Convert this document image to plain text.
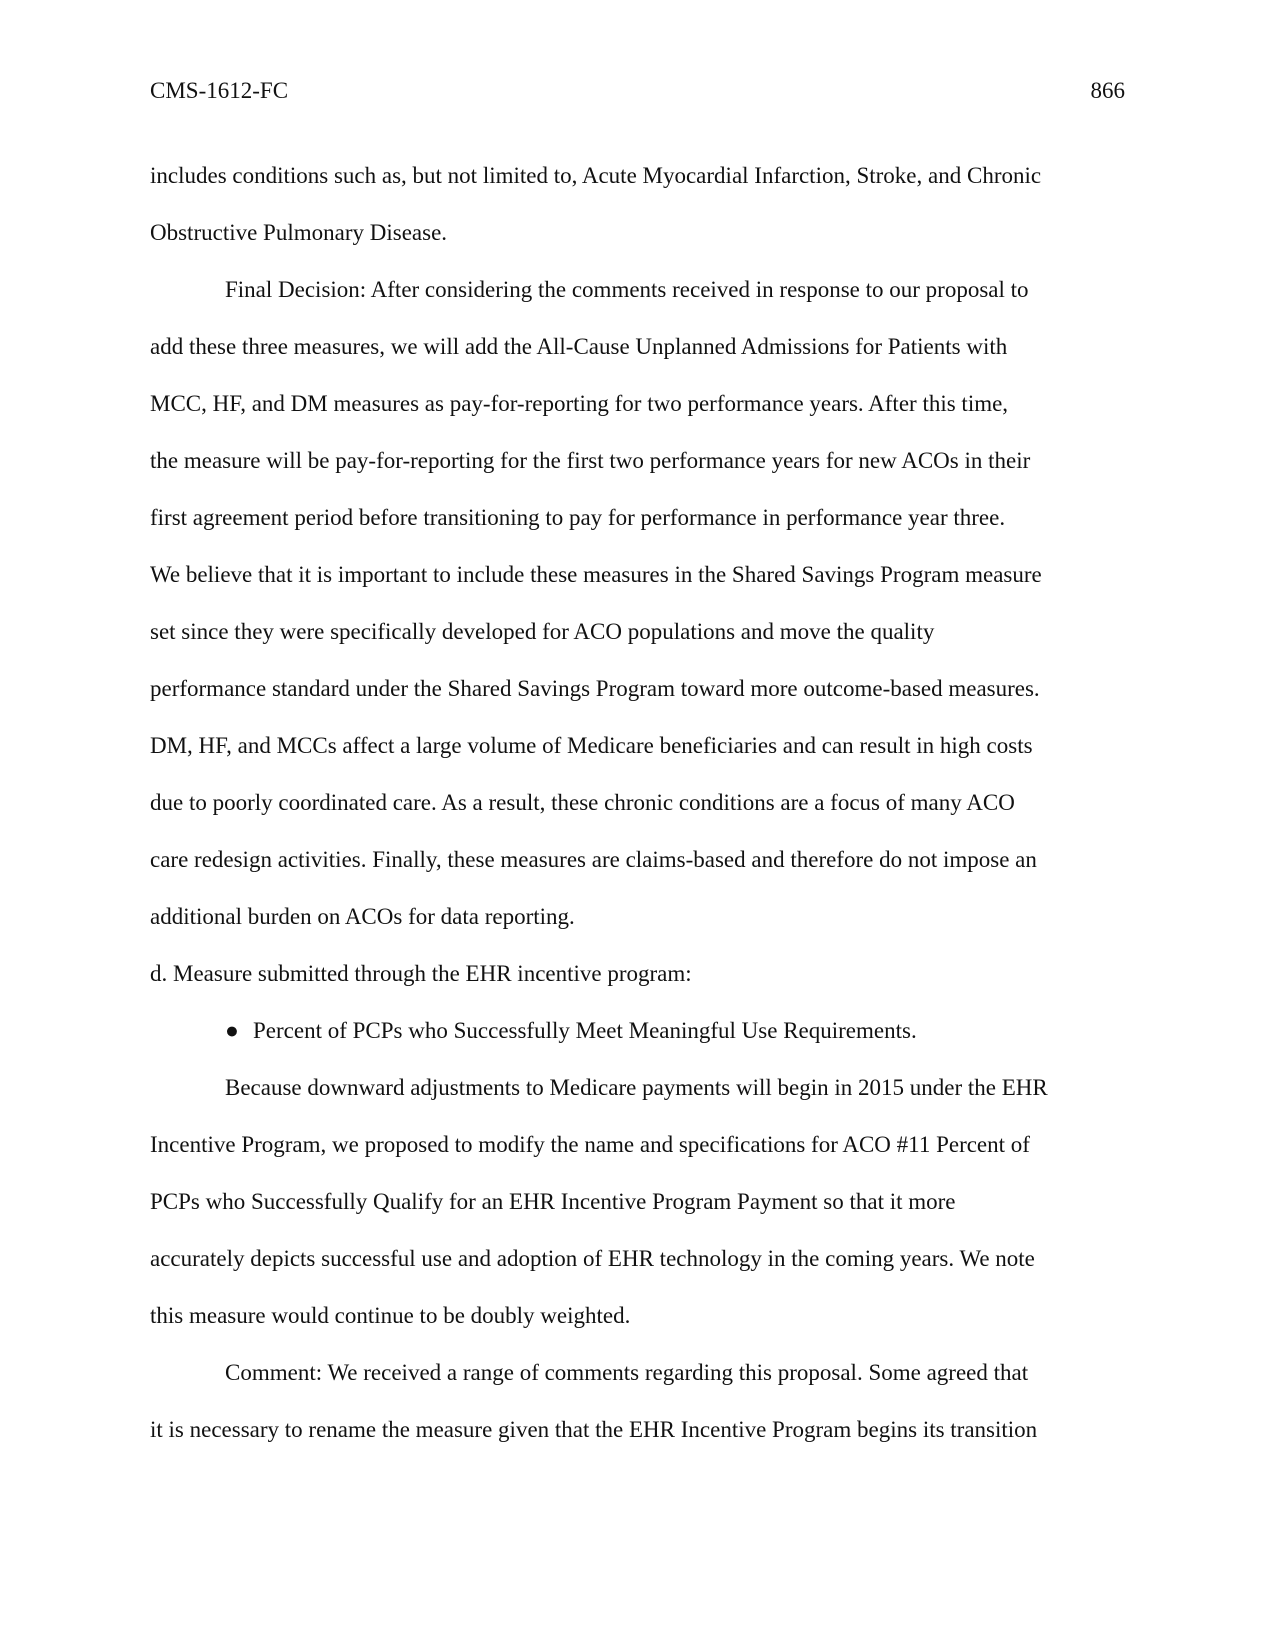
CMS-1612-FC	866
includes conditions such as, but not limited to, Acute Myocardial Infarction, Stroke, and Chronic
Obstructive Pulmonary Disease.
Final Decision: After considering the comments received in response to our proposal to
add these three measures, we will add the All-Cause Unplanned Admissions for Patients with
MCC, HF, and DM measures as pay-for-reporting for two performance years. After this time,
the measure will be pay-for-reporting for the first two performance years for new ACOs in their
first agreement period before transitioning to pay for performance in performance year three.
We believe that it is important to include these measures in the Shared Savings Program measure
set since they were specifically developed for ACO populations and move the quality
performance standard under the Shared Savings Program toward more outcome-based measures.
DM, HF, and MCCs affect a large volume of Medicare beneficiaries and can result in high costs
due to poorly coordinated care. As a result, these chronic conditions are a focus of many ACO
care redesign activities. Finally, these measures are claims-based and therefore do not impose an
additional burden on ACOs for data reporting.
d. Measure submitted through the EHR incentive program:
● Percent of PCPs who Successfully Meet Meaningful Use Requirements.
Because downward adjustments to Medicare payments will begin in 2015 under the EHR
Incentive Program, we proposed to modify the name and specifications for ACO #11 Percent of
PCPs who Successfully Qualify for an EHR Incentive Program Payment so that it more
accurately depicts successful use and adoption of EHR technology in the coming years. We note
this measure would continue to be doubly weighted.
Comment: We received a range of comments regarding this proposal. Some agreed that
it is necessary to rename the measure given that the EHR Incentive Program begins its transition
